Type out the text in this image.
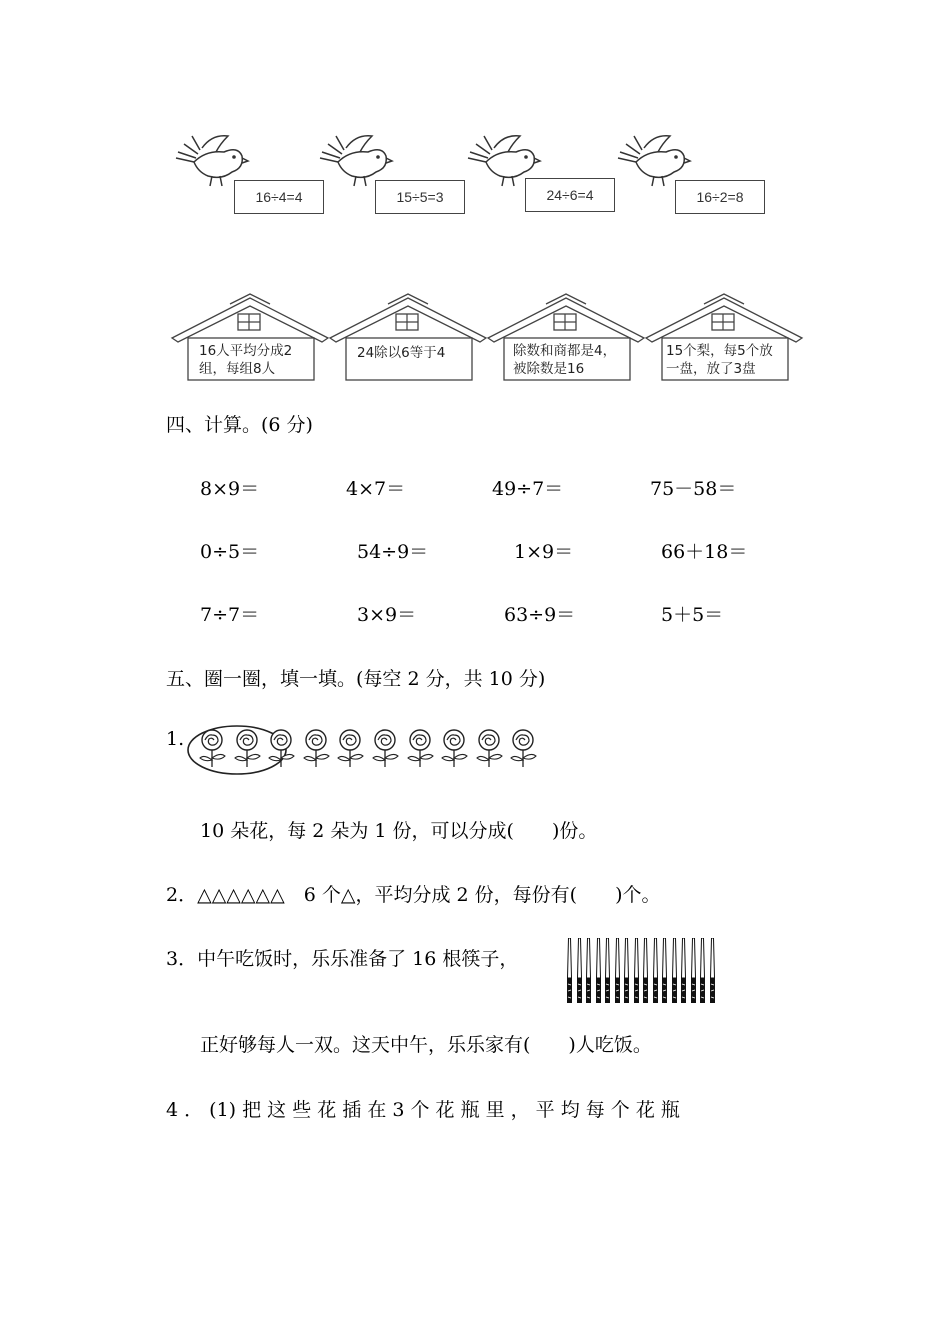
16÷4=4	15÷5=3	24÷6=4	16÷2=8
16人平均分成2
组，每组8人
24除以6等于4	除数和商都是4，
被除数是16
15个梨，每5个放
一盘，放了3盘
四、计算。(6 分)
8×9＝	4×7＝	49÷7＝	75－58＝
0÷5＝	54÷9＝	1×9＝	66＋18＝
7÷7＝	3×9＝	63÷9＝	5＋5＝
五、圈一圈，填一填。(每空 2 分，共 10 分)
1.
10 朵花，每 2 朵为 1 份，可以分成(　　)份。
2．△△△△△△　6 个△，平均分成 2 份，每份有(　　)个。
3．中午吃饭时，乐乐准备了 16 根筷子，
正好够每人一双。这天中午，乐乐家有(　　)人吃饭。
4 ． (1) 把 这 些 花 插 在 3 个 花 瓶 里 ， 平 均 每 个 花 瓶
